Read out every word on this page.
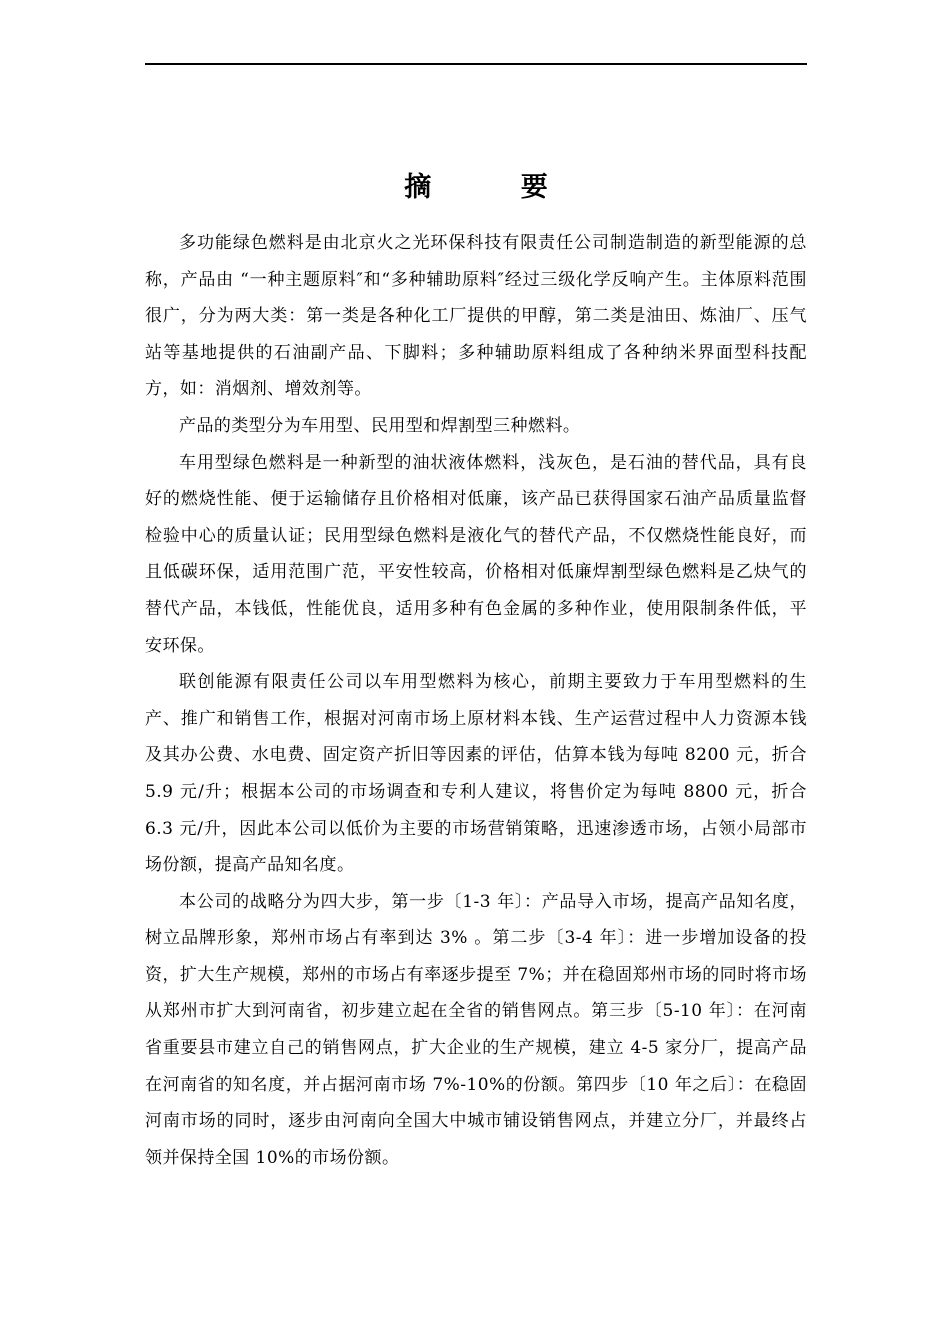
摘 要

多功能绿色燃料是由北京火之光环保科技有限责任公司制造制造的新型能源的总称，产品由 “一种主题原料″和“多种辅助原料″经过三级化学反响产生。主体原料范围很广，分为两大类：第一类是各种化工厂提供的甲醇，第二类是油田、炼油厂、压气站等基地提供的石油副产品、下脚料；多种辅助原料组成了各种纳米界面型科技配方，如：消烟剂、增效剂等。

产品的类型分为车用型、民用型和焊割型三种燃料。

车用型绿色燃料是一种新型的油状液体燃料，浅灰色，是石油的替代品，具有良好的燃烧性能、便于运输储存且价格相对低廉，该产品已获得国家石油产品质量监督检验中心的质量认证；民用型绿色燃料是液化气的替代产品，不仅燃烧性能良好，而且低碳环保，适用范围广范，平安性较高，价格相对低廉焊割型绿色燃料是乙炔气的替代产品，本钱低，性能优良，适用多种有色金属的多种作业，使用限制条件低，平安环保。

联创能源有限责任公司以车用型燃料为核心，前期主要致力于车用型燃料的生产、推广和销售工作，根据对河南市场上原材料本钱、生产运营过程中人力资源本钱及其办公费、水电费、固定资产折旧等因素的评估，估算本钱为每吨 8200 元，折合 5.9 元/升；根据本公司的市场调查和专利人建议，将售价定为每吨 8800 元，折合 6.3 元/升，因此本公司以低价为主要的市场营销策略，迅速渗透市场，占领小局部市场份额，提高产品知名度。

本公司的战略分为四大步，第一步〔1-3 年〕：产品导入市场，提高产品知名度，树立品牌形象，郑州市场占有率到达 3% 。第二步〔3-4 年〕：进一步增加设备的投资，扩大生产规模，郑州的市场占有率逐步提至 7%；并在稳固郑州市场的同时将市场从郑州市扩大到河南省，初步建立起在全省的销售网点。第三步〔5-10 年〕：在河南省重要县市建立自己的销售网点，扩大企业的生产规模，建立 4-5 家分厂，提高产品在河南省的知名度，并占据河南市场 7%-10%的份额。第四步〔10 年之后〕：在稳固河南市场的同时，逐步由河南向全国大中城市铺设销售网点，并建立分厂，并最终占领并保持全国 10%的市场份额。
